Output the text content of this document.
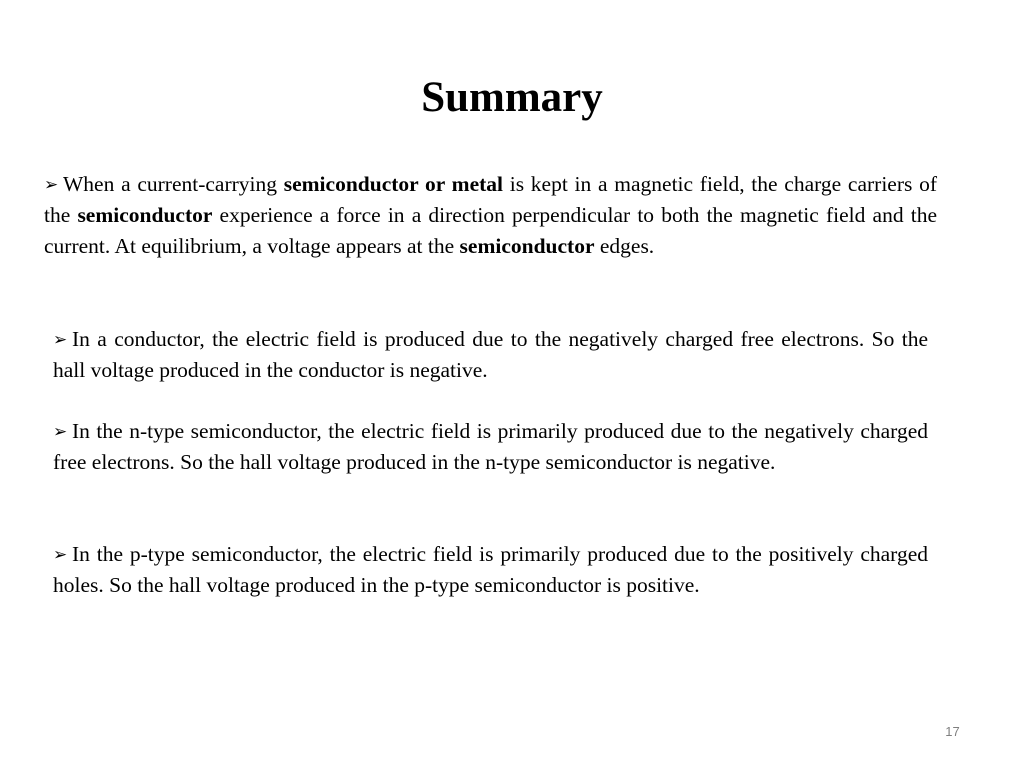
Summary

➢ When a current-carrying semiconductor or metal is kept in a magnetic field, the charge carriers of the semiconductor experience a force in a direction perpendicular to both the magnetic field and the current. At equilibrium, a voltage appears at the semiconductor edges.

➢ In a conductor, the electric field is produced due to the negatively charged free electrons. So the hall voltage produced in the conductor is negative.

➢ In the n-type semiconductor, the electric field is primarily produced due to the negatively charged free electrons. So the hall voltage produced in the n-type semiconductor is negative.

➢ In the p-type semiconductor, the electric field is primarily produced due to the positively charged holes. So the hall voltage produced in the p-type semiconductor is positive.

17
